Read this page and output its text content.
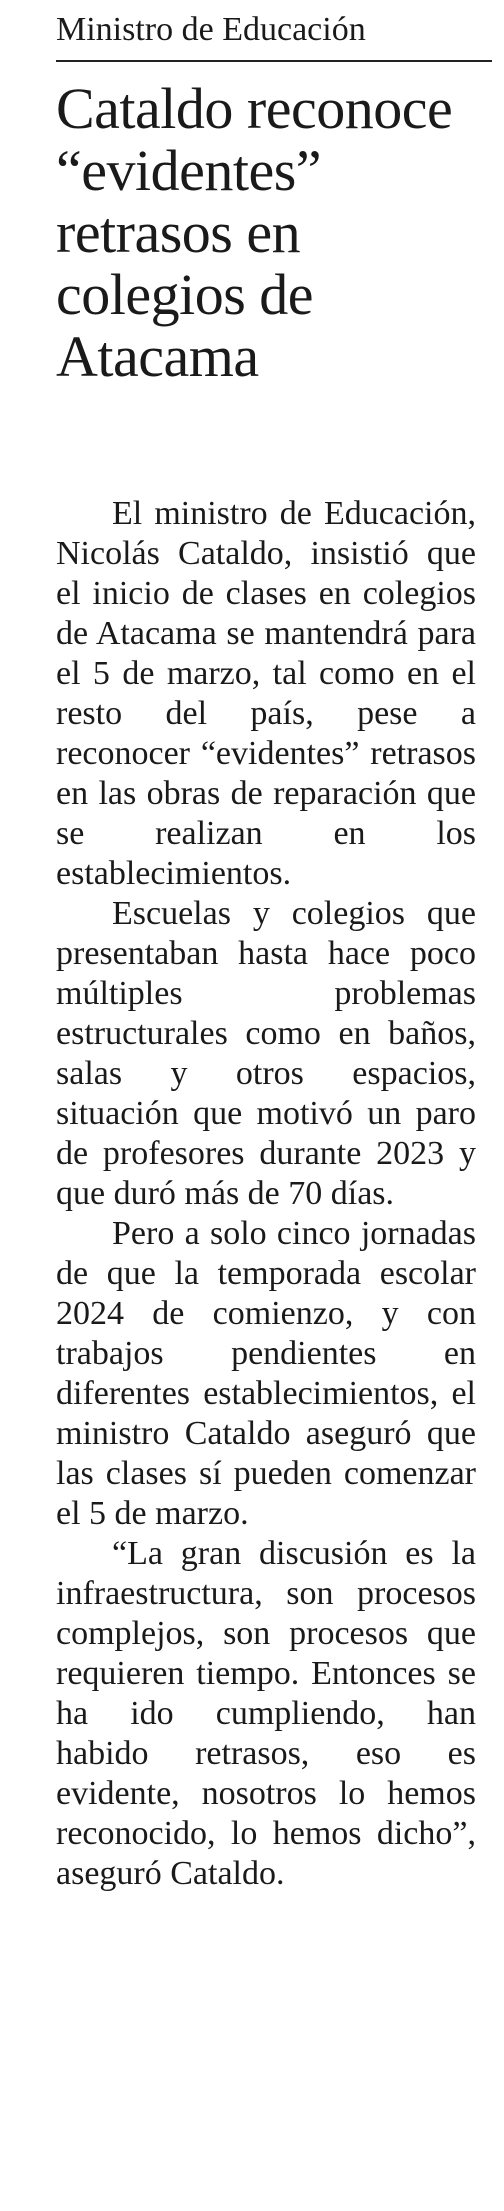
Ministro de Educación
Cataldo reconoce “evidentes” retrasos en colegios de Atacama

El ministro de Educación, Nicolás Cataldo, insistió que el inicio de clases en colegios de Atacama se mantendrá para el 5 de marzo, tal como en el resto del país, pese a reconocer “evidentes” retrasos en las obras de reparación que se realizan en los establecimientos.

Escuelas y colegios que presentaban hasta hace poco múltiples problemas estructurales como en baños, salas y otros espacios, situación que motivó un paro de profesores durante 2023 y que duró más de 70 días.

Pero a solo cinco jornadas de que la temporada escolar 2024 de comienzo, y con trabajos pendientes en diferentes establecimientos, el ministro Cataldo aseguró que las clases sí pueden comenzar el 5 de marzo.

“La gran discusión es la infraestructura, son procesos complejos, son procesos que requieren tiempo. Entonces se ha ido cumpliendo, han habido retrasos, eso es evidente, nosotros lo hemos reconocido, lo hemos dicho”, aseguró Cataldo.
